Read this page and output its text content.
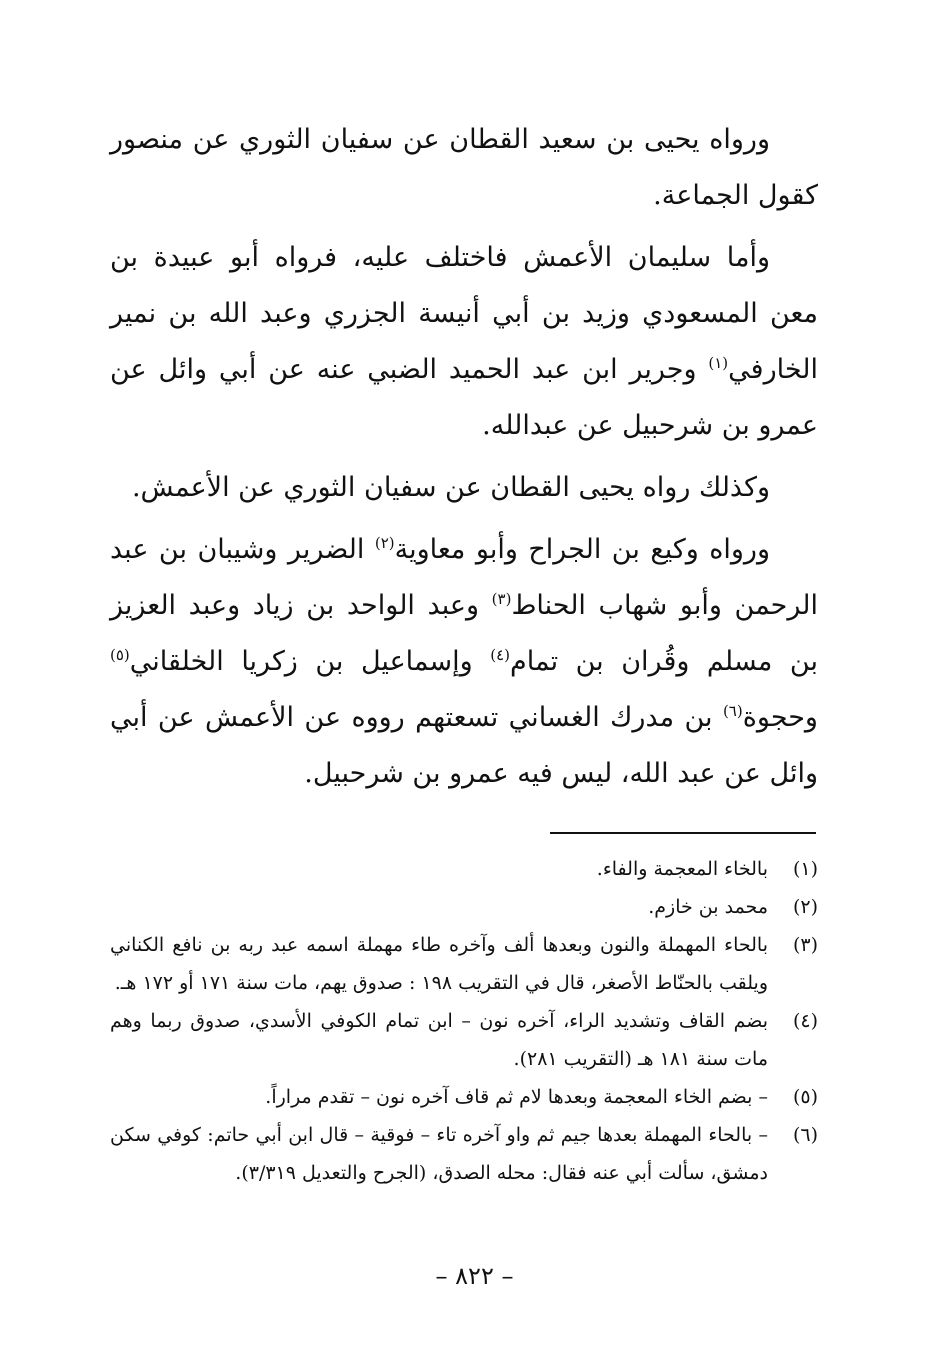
ورواه يحيى بن سعيد القطان عن سفيان الثوري عن منصور كقول الجماعة.

وأما سليمان الأعمش فاختلف عليه، فرواه أبو عبيدة بن معن المسعودي وزيد بن أبي أنيسة الجزري وعبد الله بن نمير الخارفي$^{(١)}$ وجرير ابن عبد الحميد الضبي عنه عن أبي وائل عن عمرو بن شرحبيل عن عبدالله.

وكذلك رواه يحيى القطان عن سفيان الثوري عن الأعمش.

ورواه وكيع بن الجراح وأبو معاوية$^{(٢)}$ الضرير وشيبان بن عبد الرحمن وأبو شهاب الحناط$^{(٣)}$ وعبد الواحد بن زياد وعبد العزيز بن مسلم وقُران بن تمام$^{(٤)}$ وإسماعيل بن زكريا الخلقاني$^{(٥)}$ وحجوة$^{(٦)}$ بن مدرك الغساني تسعتهم رووه عن الأعمش عن أبي وائل عن عبد الله، ليس فيه عمرو بن شرحبيل.

(١)
بالخاء المعجمة والفاء.

(٢)
محمد بن خازم.

(٣)
بالحاء المهملة والنون وبعدها ألف وآخره طاء مهملة اسمه عبد ربه بن نافع الكناني ويلقب بالحنّاط الأصغر، قال في التقريب ١٩٨ : صدوق يهم، مات سنة ١٧١ أو ١٧٢ هـ.

(٤)
بضم القاف وتشديد الراء، آخره نون – ابن تمام الكوفي الأسدي، صدوق ربما وهم مات سنة ١٨١ هـ (التقريب ٢٨١).

(٥)
– بضم الخاء المعجمة وبعدها لام ثم قاف آخره نون – تقدم مراراً.

(٦)
– بالحاء المهملة بعدها جيم ثم واو آخره تاء – فوقية – قال ابن أبي حاتم: كوفي سكن دمشق، سألت أبي عنه فقال: محله الصدق، (الجرح والتعديل ٣/٣١٩).

– ٨٢٢ –
